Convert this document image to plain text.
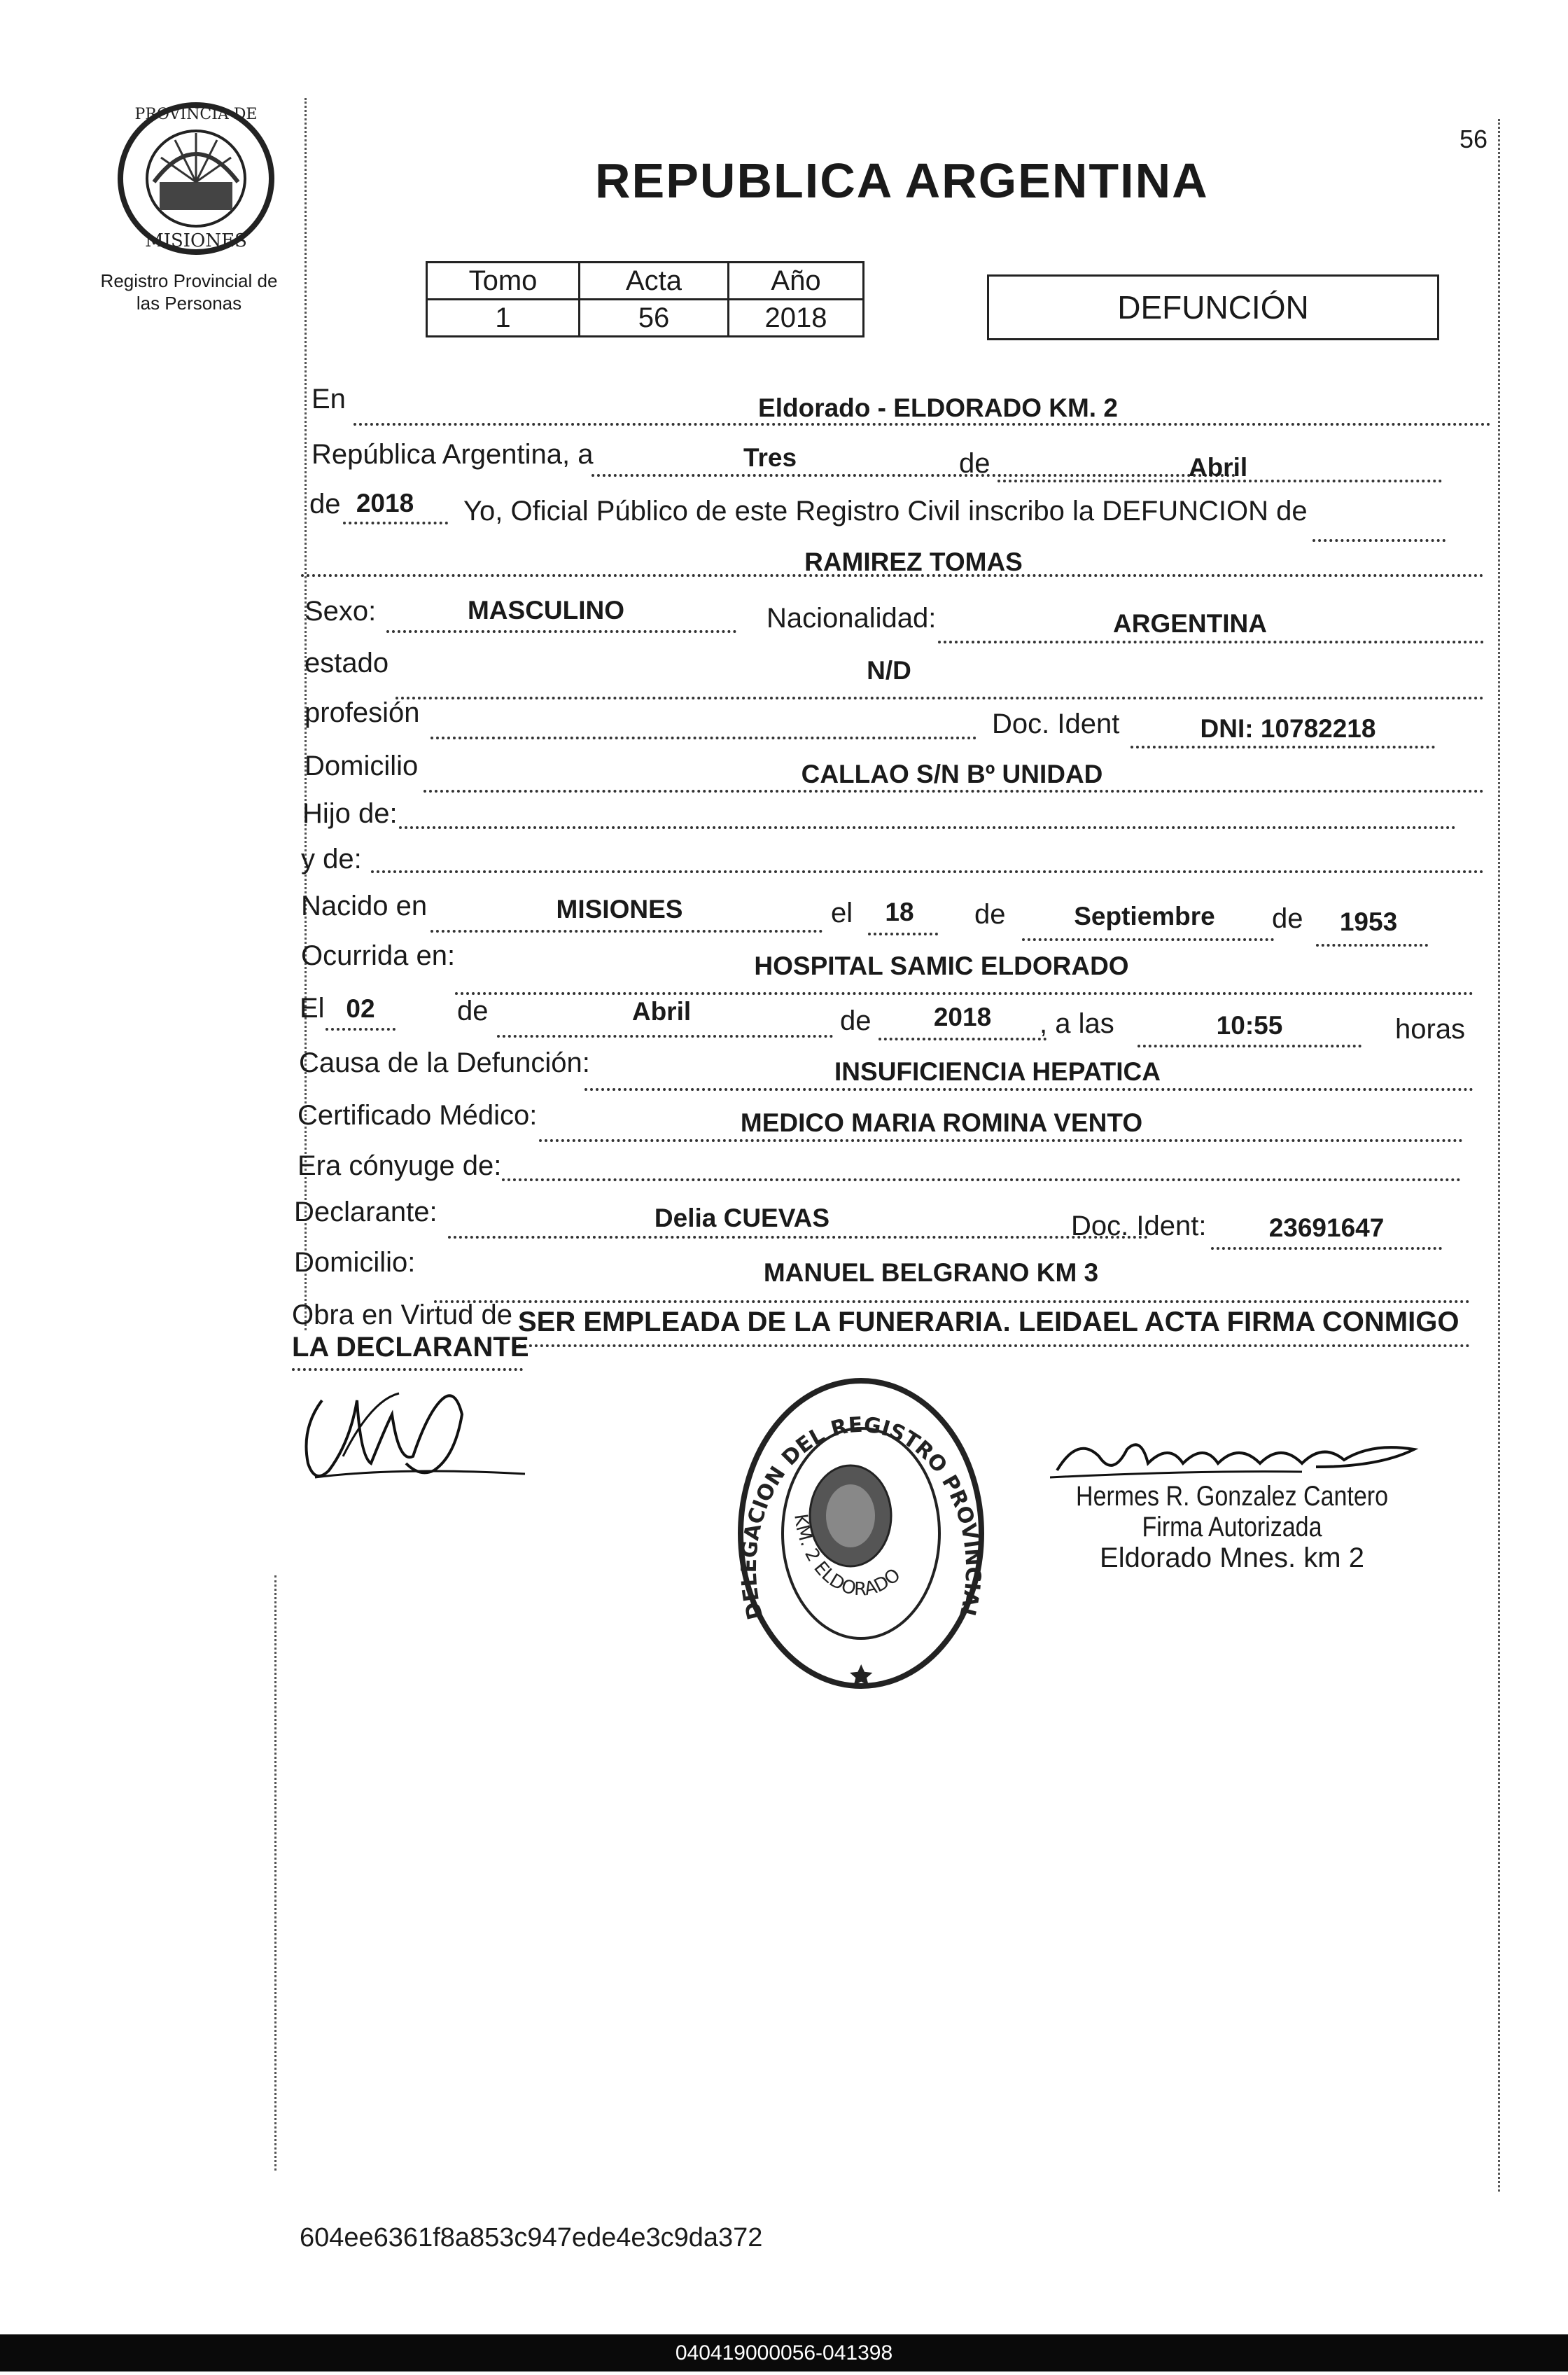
PROVINCIA DE
MISIONES
Registro Provincial de
las Personas
56
REPUBLICA ARGENTINA
Tomo	Acta	Año
1	56	2018	DEFUNCIÓN
En	Eldorado - ELDORADO KM. 2
República Argentina, a	Tres	de	Abril
de 2018	Yo, Oficial Público de este Registro Civil inscribo la DEFUNCION de
RAMIREZ TOMAS
Sexo:	MASCULINO	Nacionalidad:	ARGENTINA
estado	N/D
profesión	Doc. Ident	DNI: 10782218
Domicilio	CALLAO S/N Bº UNIDAD
Hijo de:
y de:
Nacido en	MISIONES	el	18	de	Septiembre	de	1953
Ocurrida en:	HOSPITAL SAMIC ELDORADO
El 02	de	Abril	de	2018	, a las	10:55	horas
Causa de la Defunción:	INSUFICIENCIA HEPATICA
Certificado Médico:	MEDICO MARIA ROMINA VENTO
Era cónyuge de:
Declarante:	Delia CUEVAS	Doc. Ident:	23691647
Domicilio:	MANUEL BELGRANO KM 3
Obra en Virtud de SER EMPLEADA DE LA FUNERARIA. LEIDAEL ACTA FIRMA CONMIGO
LA DECLARANTE
DELEGACION DEL REGISTRO PROVINCIAL
KM. 2 ELDORADO
Hermes R. Gonzalez Cantero
Firma Autorizada
Eldorado Mnes. km 2
604ee6361f8a853c947ede4e3c9da372
040419000056-041398
